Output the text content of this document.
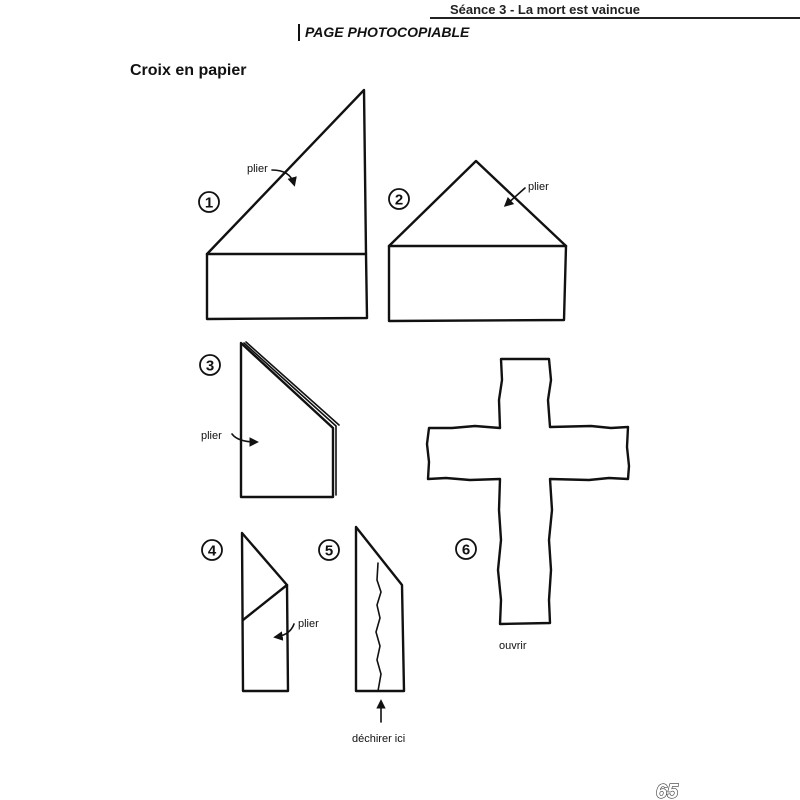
Séance 3 - La mort est vaincue
PAGE PHOTOCOPIABLE
Croix en papier
1
plier
2
plier
3
plier
4
plier
5
déchirer ici
6
ouvrir
65
